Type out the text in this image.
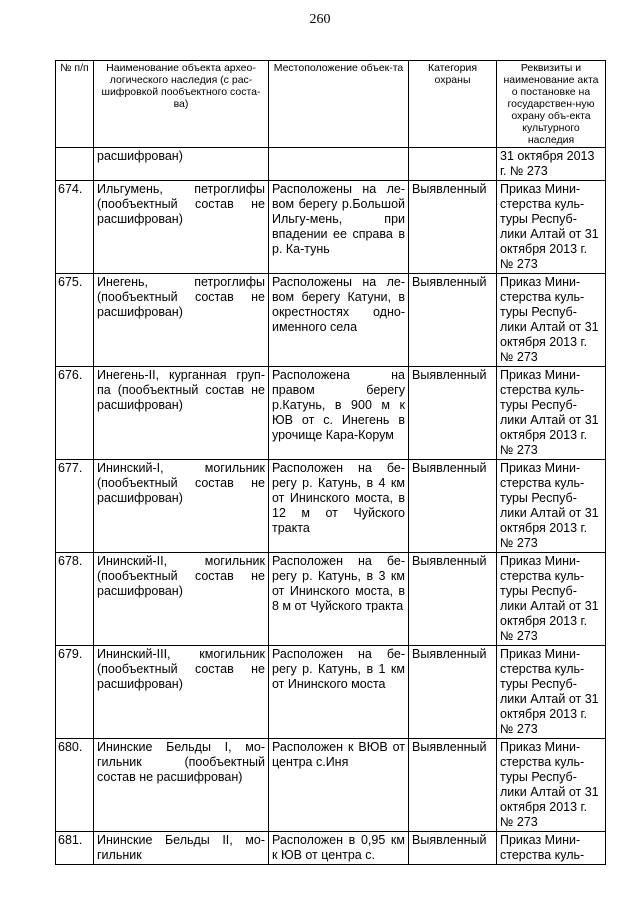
260
№ п/п	Наименование объекта архео-логического наследия (с рас-шифровкой пообъектного соста-ва)	Местоположение объек-та	Категория охраны	Реквизиты и наименование акта о постановке на государствен-ную охрану объ-екта культурного наследия
	расшифрован)			31 октября 2013 г. № 273
674.	Ильгумень, петроглифы (пообъектный состав не расшифрован)	Расположены на ле-вом берегу р.Большой Ильгу-мень, при впадении ее справа в р. Ка-тунь	Выявленный	Приказ Мини-стерства куль-туры Респуб-лики Алтай от 31 октября 2013 г. № 273
675.	Инегень, петроглифы (пообъектный состав не расшифрован)	Расположены на ле-вом берегу Катуни, в окрестностях одно-именного села	Выявленный	Приказ Мини-стерства куль-туры Респуб-лики Алтай от 31 октября 2013 г. № 273
676.	Инегень-II, курганная груп-па (пообъектный состав не расшифрован)	Расположена на правом берегу р.Катунь, в 900 м к ЮВ от с. Инегень в урочище Кара-Корум	Выявленный	Приказ Мини-стерства куль-туры Респуб-лики Алтай от 31 октября 2013 г. № 273
677.	Ининский-I, могильник (пообъектный состав не расшифрован)	Расположен на бе-регу р. Катунь, в 4 км от Ининского моста, в 12 м от Чуйского тракта	Выявленный	Приказ Мини-стерства куль-туры Респуб-лики Алтай от 31 октября 2013 г. № 273
678.	Ининский-II, могильник (пообъектный состав не расшифрован)	Расположен на бе-регу р. Катунь, в 3 км от Ининского моста, в 8 м от Чуйского тракта	Выявленный	Приказ Мини-стерства куль-туры Респуб-лики Алтай от 31 октября 2013 г. № 273
679.	Ининский-III, кмогильник (пообъектный состав не расшифрован)	Расположен на бе-регу р. Катунь, в 1 км от Ининского моста	Выявленный	Приказ Мини-стерства куль-туры Респуб-лики Алтай от 31 октября 2013 г. № 273
680.	Ининские Бельды I, мо-гильник (пообъектный состав не расшифрован)	Расположен к ВЮВ от центра с.Иня	Выявленный	Приказ Мини-стерства куль-туры Респуб-лики Алтай от 31 октября 2013 г. № 273
681.	Ининские Бельды II, мо-гильник	Расположен в 0,95 км к ЮВ от центра с.	Выявленный	Приказ Мини-стерства куль-
